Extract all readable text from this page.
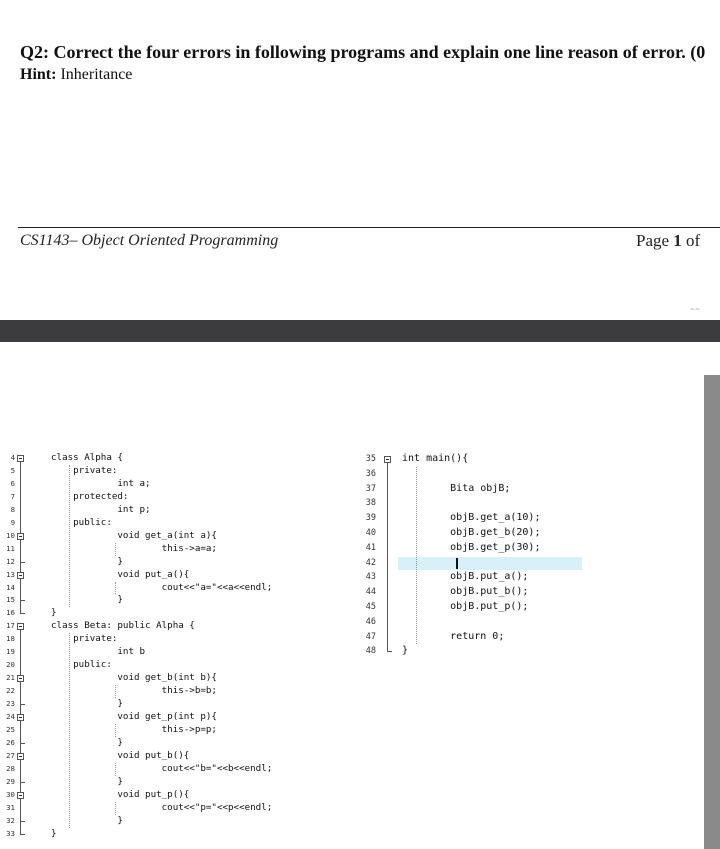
Q2: Correct the four errors in following programs and explain one line reason of error. (0
Hint: Inheritance
CS1143– Object Oriented Programming	Page 1 of
~~
4
5
6
7
8
9
10
11
12
13
14
15
16
17
18
19
20
21
22
23
24
25
26
27
28
29
30
31
32
33
class Alpha {
private:
int a;
protected:
int p;
public:
void get_a(int a){
this->a=a;
}
void put_a(){
cout<<"a="<<a<<endl;
}
}
class Beta: public Alpha {
private:
int b
public:
void get_b(int b){
this->b=b;
}
void get_p(int p){
this->p=p;
}
void put_b(){
cout<<"b="<<b<<endl;
}
void put_p(){
cout<<"p="<<p<<endl;
}
}
35
36
37
38
39
40
41
42
43
44
45
46
47
48
int main(){
Bita objB;
objB.get_a(10);
objB.get_b(20);
objB.get_p(30);
objB.put_a();
objB.put_b();
objB.put_p();
return 0;
}
